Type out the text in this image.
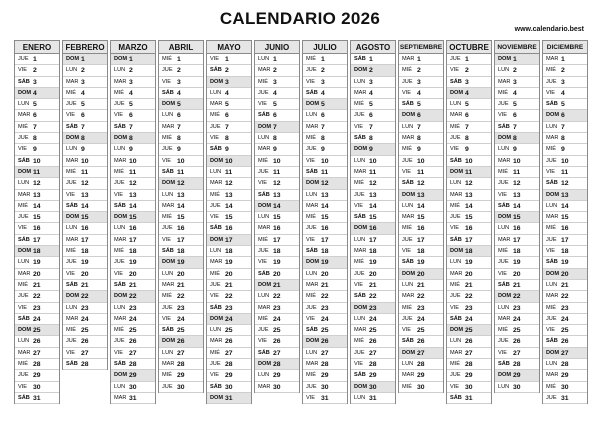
CALENDARIO 2026
www.calendario.best
ENERO
JUE 1
VIE 2
SÁB 3
DOM 4
LUN 5
MAR 6
MIÉ 7
JUE 8
VIE 9
SÁB 10
DOM 11
LUN 12
MAR 13
MIÉ 14
JUE 15
VIE 16
SÁB 17
DOM 18
LUN 19
MAR 20
MIÉ 21
JUE 22
VIE 23
SÁB 24
DOM 25
LUN 26
MAR 27
MIÉ 28
JUE 29
VIE 30
SÁB 31
FEBRERO
DOM 1
LUN 2
MAR 3
MIÉ 4
JUE 5
VIE 6
SÁB 7
DOM 8
LUN 9
MAR 10
MIÉ 11
JUE 12
VIE 13
SÁB 14
DOM 15
LUN 16
MAR 17
MIÉ 18
JUE 19
VIE 20
SÁB 21
DOM 22
LUN 23
MAR 24
MIÉ 25
JUE 26
VIE 27
SÁB 28
MARZO
DOM 1
LUN 2
MAR 3
MIÉ 4
JUE 5
VIE 6
SÁB 7
DOM 8
LUN 9
MAR 10
MIÉ 11
JUE 12
VIE 13
SÁB 14
DOM 15
LUN 16
MAR 17
MIÉ 18
JUE 19
VIE 20
SÁB 21
DOM 22
LUN 23
MAR 24
MIÉ 25
JUE 26
VIE 27
SÁB 28
DOM 29
LUN 30
MAR 31
ABRIL
MIÉ 1
JUE 2
VIE 3
SÁB 4
DOM 5
LUN 6
MAR 7
MIÉ 8
JUE 9
VIE 10
SÁB 11
DOM 12
LUN 13
MAR 14
MIÉ 15
JUE 16
VIE 17
SÁB 18
DOM 19
LUN 20
MAR 21
MIÉ 22
JUE 23
VIE 24
SÁB 25
DOM 26
LUN 27
MAR 28
MIÉ 29
JUE 30
MAYO
VIE 1
SÁB 2
DOM 3
LUN 4
MAR 5
MIÉ 6
JUE 7
VIE 8
SÁB 9
DOM 10
LUN 11
MAR 12
MIÉ 13
JUE 14
VIE 15
SÁB 16
DOM 17
LUN 18
MAR 19
MIÉ 20
JUE 21
VIE 22
SÁB 23
DOM 24
LUN 25
MAR 26
MIÉ 27
JUE 28
VIE 29
SÁB 30
DOM 31
JUNIO
LUN 1
MAR 2
MIÉ 3
JUE 4
VIE 5
SÁB 6
DOM 7
LUN 8
MAR 9
MIÉ 10
JUE 11
VIE 12
SÁB 13
DOM 14
LUN 15
MAR 16
MIÉ 17
JUE 18
VIE 19
SÁB 20
DOM 21
LUN 22
MAR 23
MIÉ 24
JUE 25
VIE 26
SÁB 27
DOM 28
LUN 29
MAR 30
JULIO
MIÉ 1
JUE 2
VIE 3
SÁB 4
DOM 5
LUN 6
MAR 7
MIÉ 8
JUE 9
VIE 10
SÁB 11
DOM 12
LUN 13
MAR 14
MIÉ 15
JUE 16
VIE 17
SÁB 18
DOM 19
LUN 20
MAR 21
MIÉ 22
JUE 23
VIE 24
SÁB 25
DOM 26
LUN 27
MAR 28
MIÉ 29
JUE 30
VIE 31
AGOSTO
SÁB 1
DOM 2
LUN 3
MAR 4
MIÉ 5
JUE 6
VIE 7
SÁB 8
DOM 9
LUN 10
MAR 11
MIÉ 12
JUE 13
VIE 14
SÁB 15
DOM 16
LUN 17
MAR 18
MIÉ 19
JUE 20
VIE 21
SÁB 22
DOM 23
LUN 24
MAR 25
MIÉ 26
JUE 27
VIE 28
SÁB 29
DOM 30
LUN 31
SEPTIEMBRE
MAR 1
MIÉ 2
JUE 3
VIE 4
SÁB 5
DOM 6
LUN 7
MAR 8
MIÉ 9
JUE 10
VIE 11
SÁB 12
DOM 13
LUN 14
MAR 15
MIÉ 16
JUE 17
VIE 18
SÁB 19
DOM 20
LUN 21
MAR 22
MIÉ 23
JUE 24
VIE 25
SÁB 26
DOM 27
LUN 28
MAR 29
MIÉ 30
OCTUBRE
JUE 1
VIE 2
SÁB 3
DOM 4
LUN 5
MAR 6
MIÉ 7
JUE 8
VIE 9
SÁB 10
DOM 11
LUN 12
MAR 13
MIÉ 14
JUE 15
VIE 16
SÁB 17
DOM 18
LUN 19
MAR 20
MIÉ 21
JUE 22
VIE 23
SÁB 24
DOM 25
LUN 26
MAR 27
MIÉ 28
JUE 29
VIE 30
SÁB 31
NOVIEMBRE
DOM 1
LUN 2
MAR 3
MIÉ 4
JUE 5
VIE 6
SÁB 7
DOM 8
LUN 9
MAR 10
MIÉ 11
JUE 12
VIE 13
SÁB 14
DOM 15
LUN 16
MAR 17
MIÉ 18
JUE 19
VIE 20
SÁB 21
DOM 22
LUN 23
MAR 24
MIÉ 25
JUE 26
VIE 27
SÁB 28
DOM 29
LUN 30
DICIEMBRE
MAR 1
MIÉ 2
JUE 3
VIE 4
SÁB 5
DOM 6
LUN 7
MAR 8
MIÉ 9
JUE 10
VIE 11
SÁB 12
DOM 13
LUN 14
MAR 15
MIÉ 16
JUE 17
VIE 18
SÁB 19
DOM 20
LUN 21
MAR 22
MIÉ 23
JUE 24
VIE 25
SÁB 26
DOM 27
LUN 28
MAR 29
MIÉ 30
JUE 31
